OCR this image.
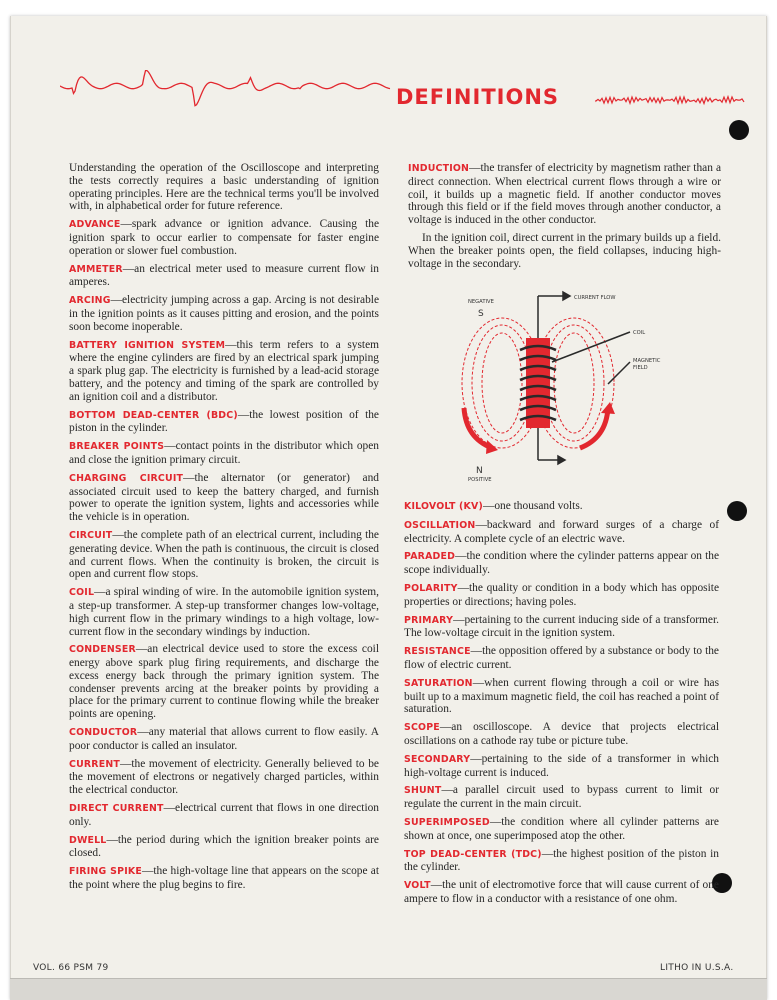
DEFINITIONS

Understanding the operation of the Oscilloscope and interpreting the tests correctly requires a basic understanding of ignition operating principles. Here are the technical terms you'll be involved with, in alphabetical order for future reference.

ADVANCE—spark advance or ignition advance. Causing the ignition spark to occur earlier to compensate for faster engine operation or slower fuel combustion.

AMMETER—an electrical meter used to measure current flow in amperes.

ARCING—electricity jumping across a gap. Arcing is not desirable in the ignition points as it causes pitting and erosion, and the points soon become inoperable.

BATTERY IGNITION SYSTEM—this term refers to a system where the engine cylinders are fired by an electrical spark jumping a spark plug gap. The electricity is furnished by a lead-acid storage battery, and the potency and timing of the spark are controlled by an ignition coil and a distributor.

BOTTOM DEAD-CENTER (BDC)—the lowest position of the piston in the cylinder.

BREAKER POINTS—contact points in the distributor which open and close the ignition primary circuit.

CHARGING CIRCUIT—the alternator (or generator) and associated circuit used to keep the battery charged, and furnish power to operate the ignition system, lights and accessories while the vehicle is in operation.

CIRCUIT—the complete path of an electrical current, including the generating device. When the path is continuous, the circuit is closed and current flows. When the continuity is broken, the circuit is open and current flow stops.

COIL—a spiral winding of wire. In the automobile ignition system, a step-up transformer. A step-up transformer changes low-voltage, high current flow in the primary windings to a high voltage, low-current flow in the secondary windings by induction.

CONDENSER—an electrical device used to store the excess coil energy above spark plug firing requirements, and discharge the excess energy back through the primary ignition system. The condenser prevents arcing at the breaker points by providing a place for the primary current to continue flowing while the breaker points are opening.

CONDUCTOR—any material that allows current to flow easily. A poor conductor is called an insulator.

CURRENT—the movement of electricity. Generally believed to be the movement of electrons or negatively charged particles, within the electrical conductor.

DIRECT CURRENT—electrical current that flows in one direction only.

DWELL—the period during which the ignition breaker points are closed.

FIRING SPIKE—the high-voltage line that appears on the scope at the point where the plug begins to fire.

INDUCTION—the transfer of electricity by magnetism rather than a direct connection. When electrical current flows through a wire or coil, it builds up a magnetic field. If another conductor moves through this field or if the field moves through another conductor, a voltage is induced in the other conductor.

In the ignition coil, direct current in the primary builds up a field. When the breaker points open, the field collapses, inducing high-voltage in the secondary.

NEGATIVE
S
CURRENT FLOW
COIL
MAGNETIC
FIELD
N
POSITIVE

KILOVOLT (KV)—one thousand volts.

OSCILLATION—backward and forward surges of a charge of electricity. A complete cycle of an electric wave.

PARADED—the condition where the cylinder patterns appear on the scope individually.

POLARITY—the quality or condition in a body which has opposite properties or directions; having poles.

PRIMARY—pertaining to the current inducing side of a transformer. The low-voltage circuit in the ignition system.

RESISTANCE—the opposition offered by a substance or body to the flow of electric current.

SATURATION—when current flowing through a coil or wire has built up to a maximum magnetic field, the coil has reached a point of saturation.

SCOPE—an oscilloscope. A device that projects electrical oscillations on a cathode ray tube or picture tube.

SECONDARY—pertaining to the side of a transformer in which high-voltage current is induced.

SHUNT—a parallel circuit used to bypass current to limit or regulate the current in the main circuit.

SUPERIMPOSED—the condition where all cylinder patterns are shown at once, one superimposed atop the other.

TOP DEAD-CENTER (TDC)—the highest position of the piston in the cylinder.

VOLT—the unit of electromotive force that will cause current of one ampere to flow in a conductor with a resistance of one ohm.

VOL. 66 PSM 79	LITHO IN U.S.A.
